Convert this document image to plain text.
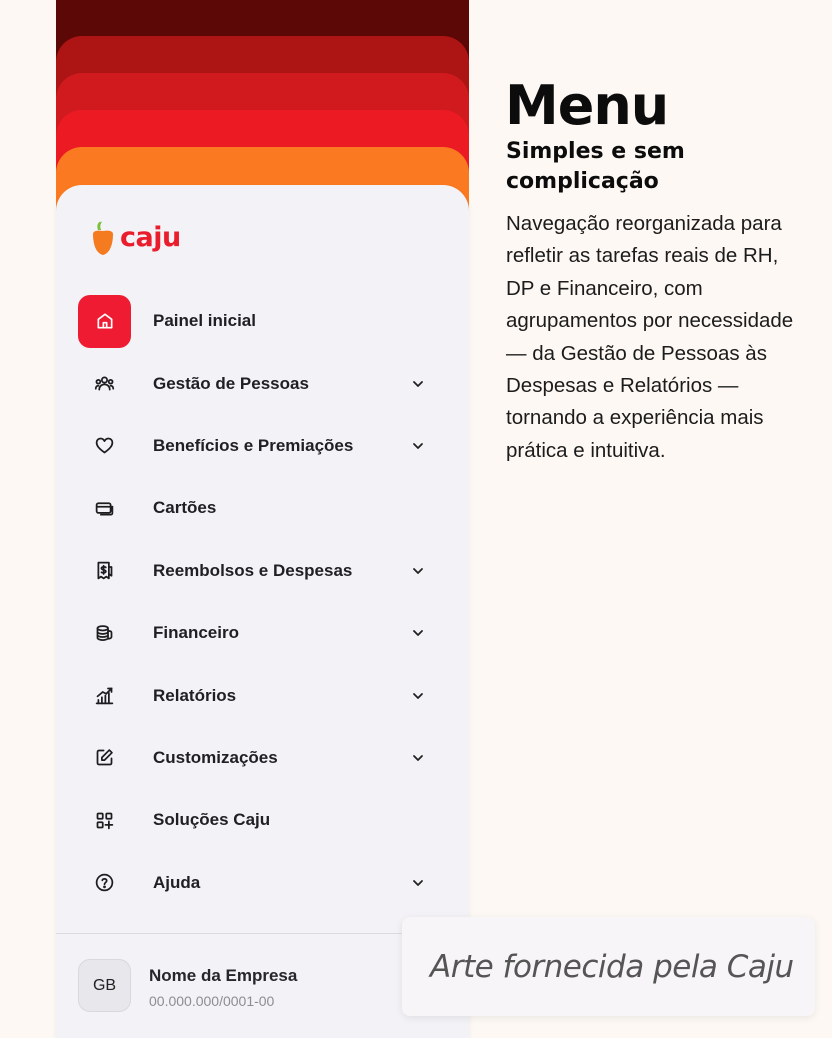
caju
Painel inicial
Gestão de Pessoas
Benefícios e Premiações
Cartões
Reembolsos e Despesas
Financeiro
Relatórios
Customizações
Soluções Caju
Ajuda
GB	Nome da Empresa
00.000.000/0001-00
Menu
Simples e sem complicação
Navegação reorganizada para refletir as tarefas reais de RH, DP e Financeiro, com agrupamentos por necessidade — da Gestão de Pessoas às Despesas e Relatórios — tornando a experiência mais prática e intuitiva.
Arte fornecida pela Caju
